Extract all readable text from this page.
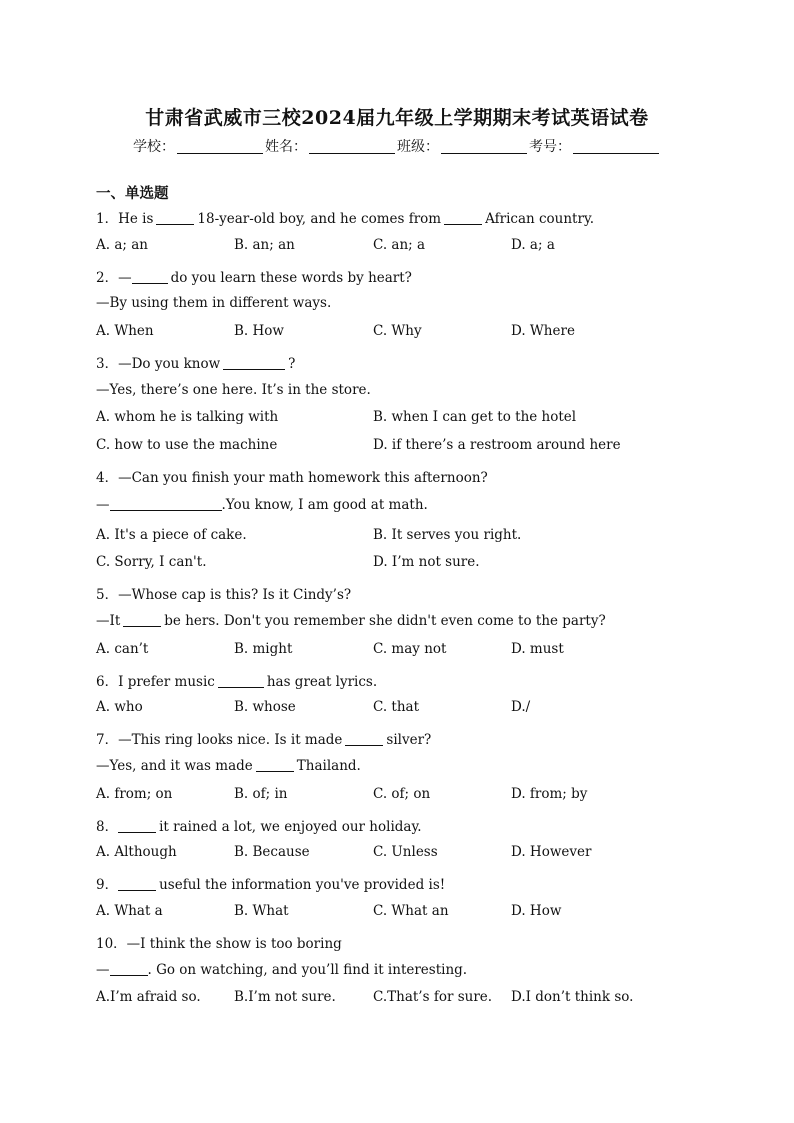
甘肃省武威市三校2024届九年级上学期期末考试英语试卷
学校：	姓名：	班级：	考号：
一、单选题
1．He is	18-year-old boy, and he comes from	African country.
A. a; an	B. an; an	C. an; a	D. a; a
2．—	do you learn these words by heart?
—By using them in different ways.
A. When	B. How	C. Why	D. Where
3．—Do you know	?
—Yes, there’s one here. It’s in the store.
A. whom he is talking with	B. when I can get to the hotel
C. how to use the machine	D. if there’s a restroom around here
4．—Can you finish your math homework this afternoon?
—	.You know, I am good at math.
A. It's a piece of cake.	B. It serves you right.
C. Sorry, I can't.	D. I’m not sure.
5．—Whose cap is this? Is it Cindy’s?
—It	be hers. Don't you remember she didn't even come to the party?
A. can’t	B. might	C. may not	D. must
6．I prefer music	has great lyrics.
A. who	B. whose	C. that	D./
7．—This ring looks nice. Is it made	silver?
—Yes, and it was made	Thailand.
A. from; on	B. of; in	C. of; on	D. from; by
8．	it rained a lot, we enjoyed our holiday.
A. Although	B. Because	C. Unless	D. However
9．	useful the information you've provided is!
A. What a	B. What	C. What an	D. How
10．—I think the show is too boring
—	. Go on watching, and you’ll find it interesting.
A.I’m afraid so. B.I’m not sure.	C.That’s for sure. D.I don’t think so.
